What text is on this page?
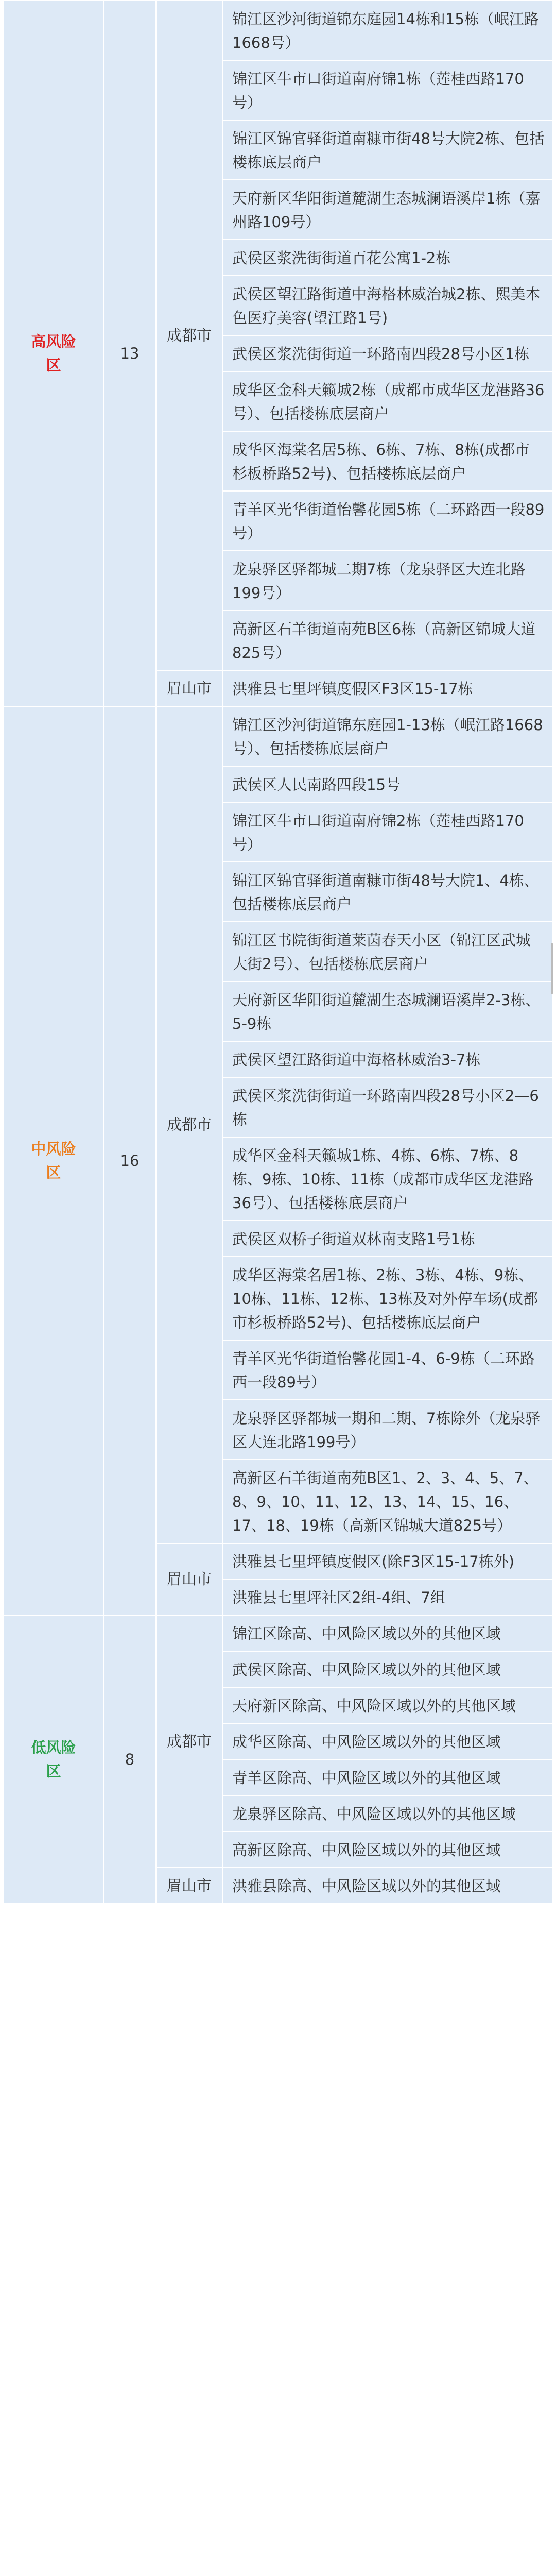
高风险区	13	成都市	锦江区沙河街道锦东庭园14栋和15栋（岷江路1668号）
			锦江区牛市口街道南府锦1栋（莲桂西路170号）
			锦江区锦官驿街道南糠市街48号大院2栋、包括楼栋底层商户
			天府新区华阳街道麓湖生态城澜语溪岸1栋（嘉州路109号）
			武侯区浆洗街街道百花公寓1-2栋
			武侯区望江路街道中海格林威治城2栋、熙美本色医疗美容(望江路1号)
			武侯区浆洗街街道一环路南四段28号小区1栋
			成华区金科天籁城2栋（成都市成华区龙港路36号）、包括楼栋底层商户
			成华区海棠名居5栋、6栋、7栋、8栋(成都市杉板桥路52号)、包括楼栋底层商户
			青羊区光华街道怡馨花园5栋（二环路西一段89号）
			龙泉驿区驿都城二期7栋（龙泉驿区大连北路199号）
			高新区石羊街道南苑B区6栋（高新区锦城大道825号）
		眉山市	洪雅县七里坪镇度假区F3区15-17栋
中风险区	16	成都市	锦江区沙河街道锦东庭园1-13栋（岷江路1668号）、包括楼栋底层商户
			武侯区人民南路四段15号
			锦江区牛市口街道南府锦2栋（莲桂西路170号）
			锦江区锦官驿街道南糠市街48号大院1、4栋、包括楼栋底层商户
			锦江区书院街街道莱茵春天小区（锦江区武城大街2号）、包括楼栋底层商户
			天府新区华阳街道麓湖生态城澜语溪岸2-3栋、5-9栋
			武侯区望江路街道中海格林威治3-7栋
			武侯区浆洗街街道一环路南四段28号小区2—6栋
			成华区金科天籁城1栋、4栋、6栋、7栋、8栋、9栋、10栋、11栋（成都市成华区龙港路36号）、包括楼栋底层商户
			武侯区双桥子街道双林南支路1号1栋
			成华区海棠名居1栋、2栋、3栋、4栋、9栋、10栋、11栋、12栋、13栋及对外停车场(成都市杉板桥路52号)、包括楼栋底层商户
			青羊区光华街道怡馨花园1-4、6-9栋（二环路西一段89号）
			龙泉驿区驿都城一期和二期、7栋除外（龙泉驿区大连北路199号）
			高新区石羊街道南苑B区1、2、3、4、5、7、8、9、10、11、12、13、14、15、16、17、18、19栋（高新区锦城大道825号）
		眉山市	洪雅县七里坪镇度假区(除F3区15-17栋外)
			洪雅县七里坪社区2组-4组、7组
低风险区	8	成都市	锦江区除高、中风险区域以外的其他区域
			武侯区除高、中风险区域以外的其他区域
			天府新区除高、中风险区域以外的其他区域
			成华区除高、中风险区域以外的其他区域
			青羊区除高、中风险区域以外的其他区域
			龙泉驿区除高、中风险区域以外的其他区域
			高新区除高、中风险区域以外的其他区域
		眉山市	洪雅县除高、中风险区域以外的其他区域
